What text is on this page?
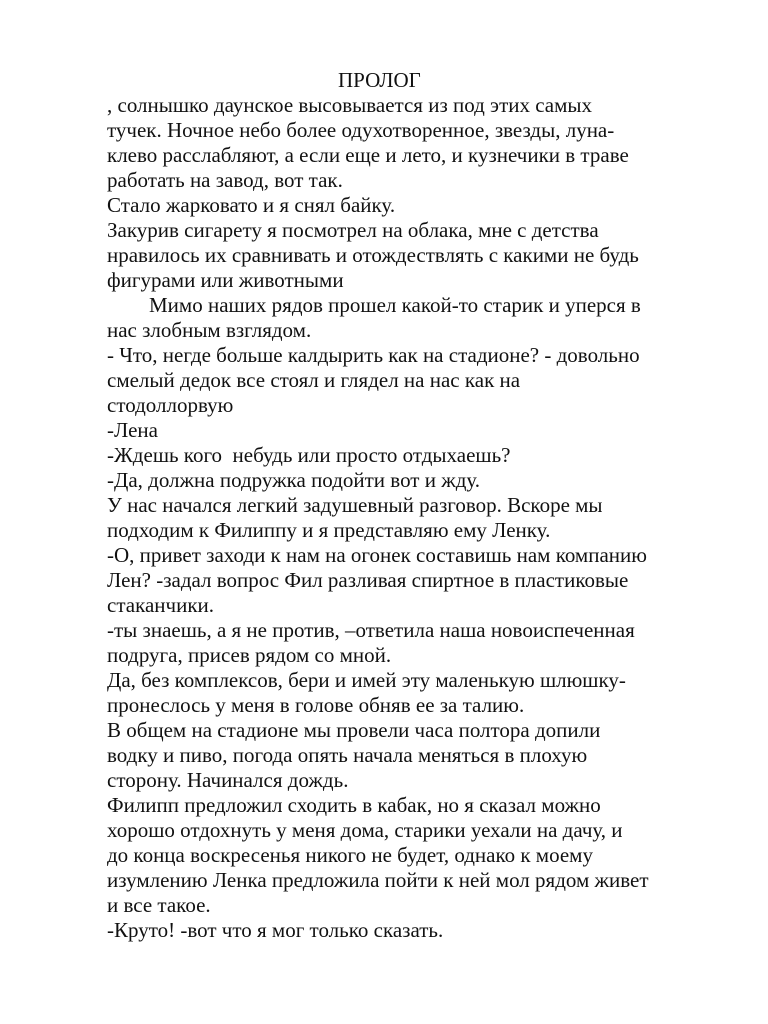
ПРОЛОГ
, солнышко даунское высовывается из под этих самых
тучек. Ночное небо более одухотворенное, звезды, луна-
клево расслабляют, а если еще и лето, и кузнечики в траве
работать на завод, вот так.
Стало жарковато и я снял байку.
Закурив сигарету я посмотрел на облака, мне с детства
нравилось их сравнивать и отождествлять с какими не будь
фигурами или животными
Мимо наших рядов прошел какой-то старик и уперся в
нас злобным взглядом.
- Что, негде больше калдырить как на стадионе? - довольно
смелый дедок все стоял и глядел на нас как на
стодоллорвую
-Лена
-Ждешь кого  небудь или просто отдыхаешь?
-Да, должна подружка подойти вот и жду.
У нас начался легкий задушевный разговор. Вскоре мы
подходим к Филиппу и я представляю ему Ленку.
-О, привет заходи к нам на огонек составишь нам компанию
Лен? -задал вопрос Фил разливая спиртное в пластиковые
стаканчики.
-ты знаешь, а я не против, –ответила наша новоиспеченная
подруга, присев рядом со мной.
Да, без комплексов, бери и имей эту маленькую шлюшку-
пронеслось у меня в голове обняв ее за талию.
В общем на стадионе мы провели часа полтора допили
водку и пиво, погода опять начала меняться в плохую
сторону. Начинался дождь.
Филипп предложил сходить в кабак, но я сказал можно
хорошо отдохнуть у меня дома, старики уехали на дачу, и
до конца воскресенья никого не будет, однако к моему
изумлению Ленка предложила пойти к ней мол рядом живет
и все такое.
-Круто! -вот что я мог только сказать.
